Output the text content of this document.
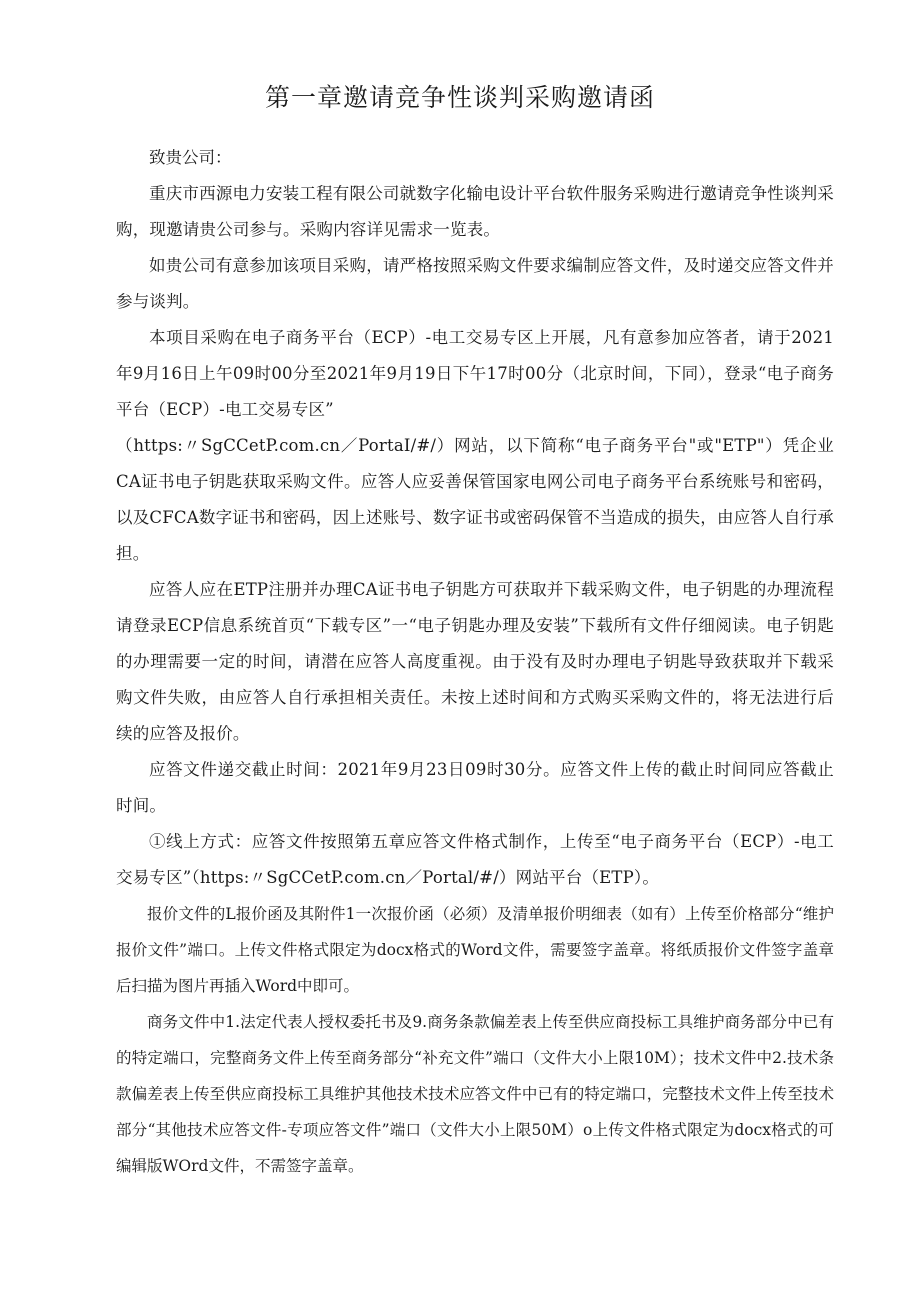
第一章邀请竞争性谈判采购邀请函

致贵公司：

重庆市西源电力安装工程有限公司就数字化输电设计平台软件服务采购进行邀请竞争性谈判采购，现邀请贵公司参与。采购内容详见需求一览表。

如贵公司有意参加该项目采购，请严格按照采购文件要求编制应答文件，及时递交应答文件并参与谈判。

本项目采购在电子商务平台（ECP）-电工交易专区上开展，凡有意参加应答者，请于2021年9月16日上午09时00分至2021年9月19日下午17时00分（北京时间，下同），登录“电子商务平台（ECP）-电工交易专区”

（https:〃SgCCetP.com.cn／PortaI/#/）网站，以下简称“电子商务平台"或"ETP"）凭企业CA证书电子钥匙获取采购文件。应答人应妥善保管国家电网公司电子商务平台系统账号和密码，以及CFCA数字证书和密码，因上述账号、数字证书或密码保管不当造成的损失，由应答人自行承担。

应答人应在ETP注册并办理CA证书电子钥匙方可获取并下载采购文件，电子钥匙的办理流程请登录ECP信息系统首页“下载专区”一“电子钥匙办理及安装”下载所有文件仔细阅读。电子钥匙的办理需要一定的时间，请潜在应答人高度重视。由于没有及时办理电子钥匙导致获取并下载采购文件失败，由应答人自行承担相关责任。未按上述时间和方式购买采购文件的，将无法进行后续的应答及报价。

应答文件递交截止时间：2021年9月23日09时30分。应答文件上传的截止时间同应答截止时间。

①线上方式：应答文件按照第五章应答文件格式制作，上传至“电子商务平台（ECP）-电工交易专区”（https:〃SgCCetP.com.cn／Portal/#/）网站平台（ETP）。

报价文件的L报价函及其附件1一次报价函（必须）及清单报价明细表（如有）上传至价格部分“维护报价文件”端口。上传文件格式限定为docx格式的Word文件，需要签字盖章。将纸质报价文件签字盖章后扫描为图片再插入Word中即可。

商务文件中1.法定代表人授权委托书及9.商务条款偏差表上传至供应商投标工具维护商务部分中已有的特定端口，完整商务文件上传至商务部分“补充文件”端口（文件大小上限10M）；技术文件中2.技术条款偏差表上传至供应商投标工具维护其他技术技术应答文件中已有的特定端口，完整技术文件上传至技术部分“其他技术应答文件-专项应答文件”端口（文件大小上限50M）o上传文件格式限定为docx格式的可编辑版WOrd文件，不需签字盖章。
